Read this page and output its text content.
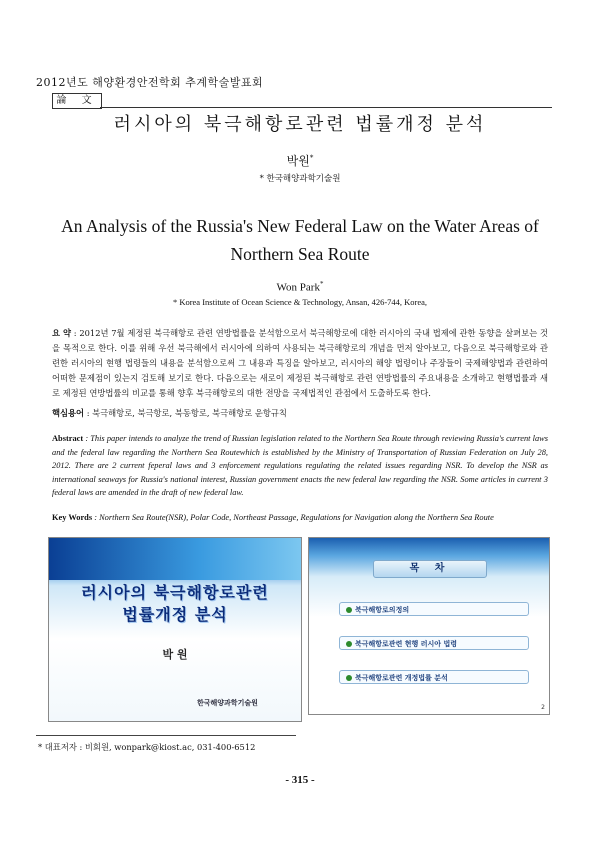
2012년도 해양환경안전학회 추계학술발표회
論 文
러시아의 북극해항로관련 법률개정 분석
박원*
* 한국해양과학기술원
An Analysis of the Russia's New Federal Law on the Water Areas of
Northern Sea Route
Won Park*
* Korea Institute of Ocean Science & Technology, Ansan, 426-744, Korea,
요 약 : 2012년 7월 제정된 북극해항로 관련 연방법률을 분석함으로서 북극해항로에 대한 러시아의 국내 법제에 관한 동향을 살펴보는 것을 목적으로 한다. 이를 위해 우선 북극해에서 러시아에 의하여 사용되는 북극해항로의 개념을 먼저 알아보고, 다음으로 북극해항로와 관련한 러시아의 현행 법령들의 내용을 분석함으로써 그 내용과 특징을 알아보고, 러시아의 해양 법령이나 주장들이 국제해양법과 관련하여 어떠한 문제점이 있는지 검토해 보기로 한다. 다음으로는 새로이 제정된 북극해항로 관련 연방법률의 주요내용을 소개하고 현행법률과 새로 제정된 연방법률의 비교를 통해 향후 북극해항로의 대한 전망을 국제법적인 관점에서 도출하도록 한다.
핵심용어 : 북극해항로, 북극항로, 북동항로, 북극해항로 운항규칙
Abstract : This paper intends to analyze the trend of Russian legislation related to the Northern Sea Route through reviewing Russia's current laws and the federal law regarding the Northern Sea Routewhich is established by the Ministry of Transportation of Russian Federation on July 28, 2012. There are 2 current feреral laws and 3 enforcement regulations regulating the related issues regarding NSR. To develop the NSR as international seaways for Russia's national interest, Russian government enacts the new federal law regarding the NSR. Some articles in current 3 federal laws are amended in the draft of new federal law.
Key Words : Northern Sea Route(NSR), Polar Code, Northeast Passage, Regulations for Navigation along the Northern Sea Route
러시아의 북극해항로관련
법률개정 분석
박 원
한국해양과학기술원
목 차
북극해항로의정의
북극해항로관련 현행 러시아 법령
북극해항로관련 개정법률 분석
2
* 대표저자 : 비회원, wonpark@kiost.ac, 031-400-6512
- 315 -
